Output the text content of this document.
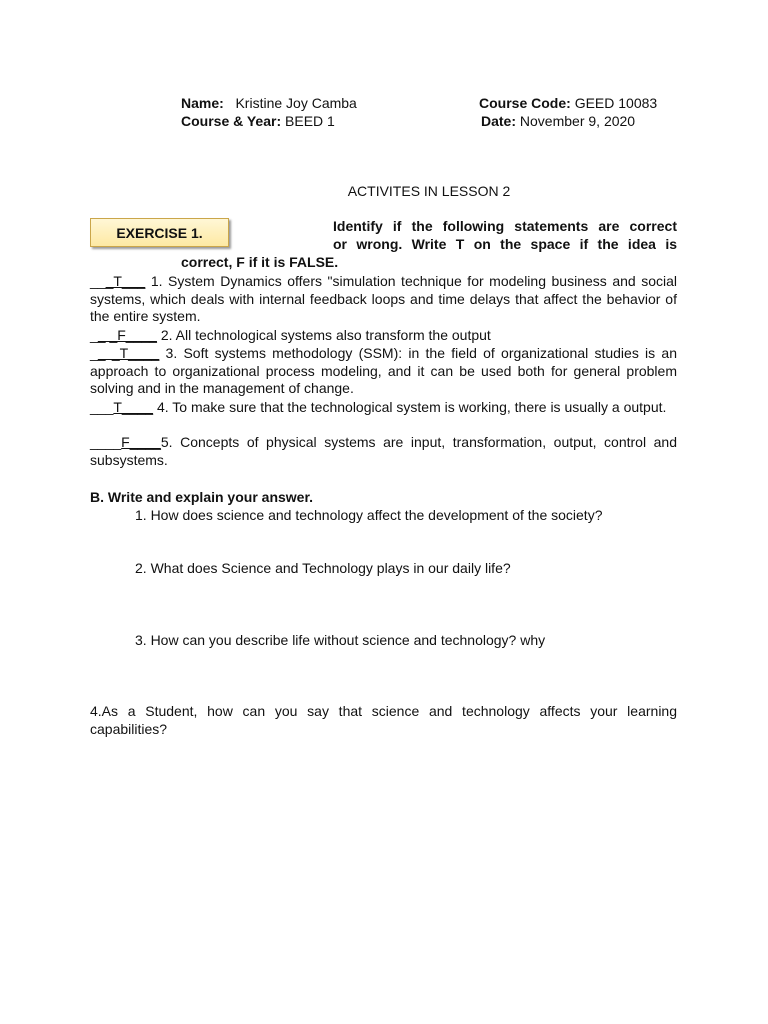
Name: Kristine Joy Camba
Course & Year: BEED 1
Course Code: GEED 10083
Date: November 9, 2020
ACTIVITES IN LESSON 2
EXERCISE 1.	Identify if the following statements are correct
or wrong. Write T on the space if the idea is
correct, F if it is FALSE.
___T___ 1. System Dynamics offers "simulation technique for modeling business and social systems, which deals with internal feedback loops and time delays that affect the behavior of the entire system.
__ _F____ 2. All technological systems also transform the output
__ _T____ 3. Soft systems methodology (SSM): in the field of organizational studies is an approach to organizational process modeling, and it can be used both for general problem solving and in the management of change.
___T____ 4. To make sure that the technological system is working, there is usually a output.
____F____5. Concepts of physical systems are input, transformation, output, control and subsystems.
B. Write and explain your answer.
1. How does science and technology affect the development of the society?
2. What does Science and Technology plays in our daily life?
3. How can you describe life without science and technology? why
4.As a Student, how can you say that science and technology affects your learning capabilities?
